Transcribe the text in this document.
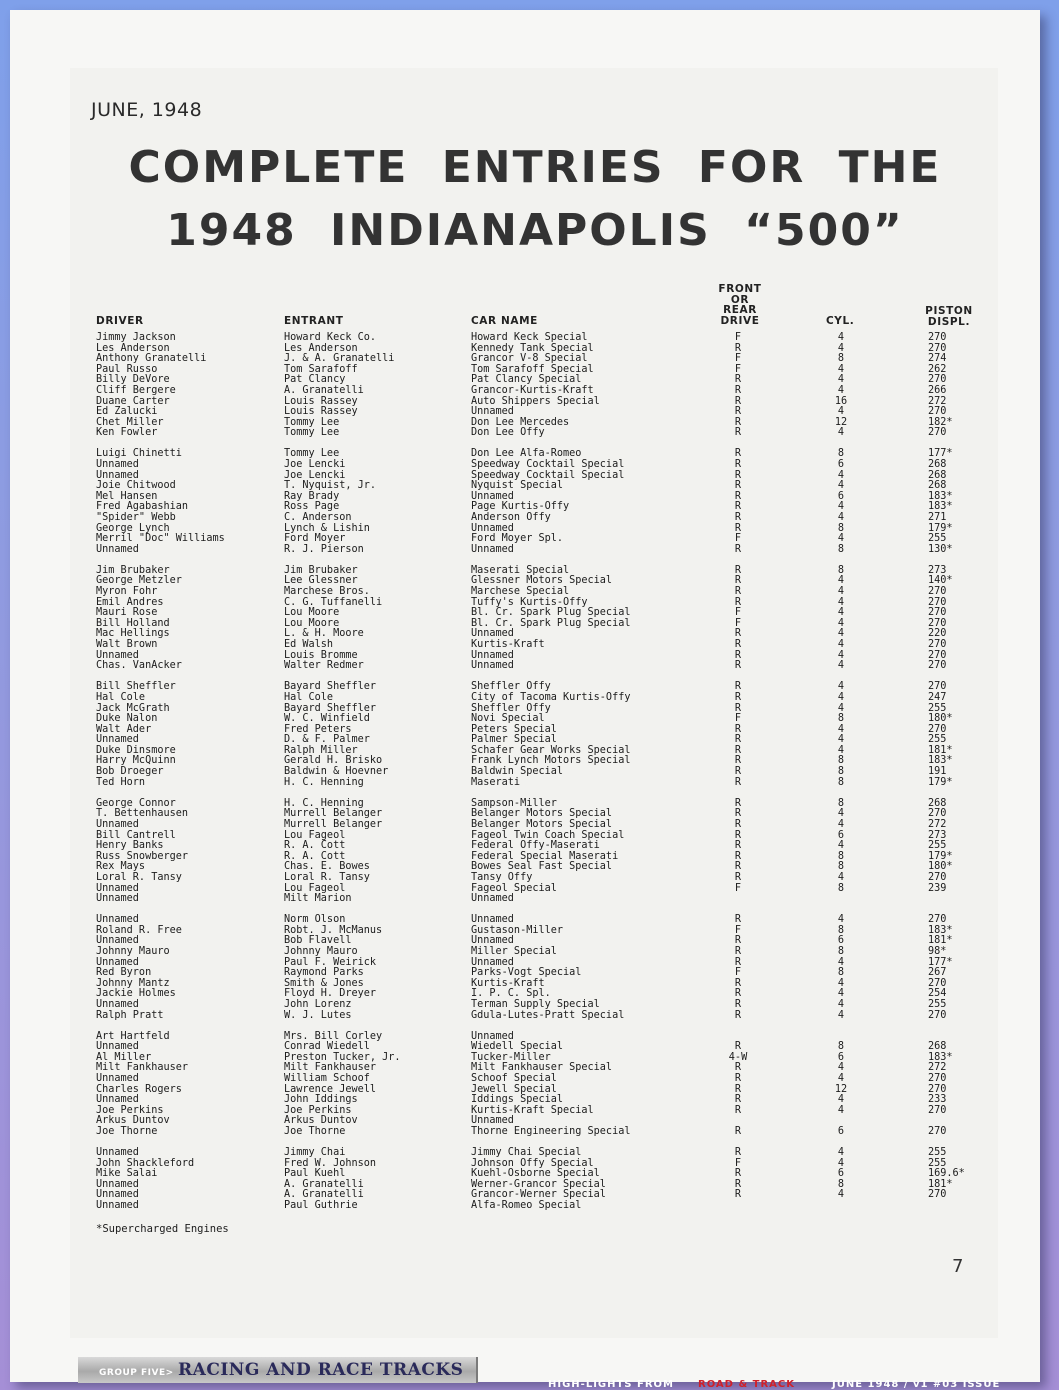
JUNE, 1948
COMPLETE ENTRIES FOR THE
1948 INDIANAPOLIS “500”
DRIVER	ENTRANT	CAR NAME
FRONT
OR
REAR
DRIVE	CYL.
PISTON
DISPL.
Jimmy Jackson	Howard Keck Co.	Howard Keck Special	F	4	270
Les Anderson	Les Anderson	Kennedy Tank Special	R	4	270
Anthony Granatelli	J. & A. Granatelli	Grancor V-8 Special	F	8	274
Paul Russo	Tom Sarafoff	Tom Sarafoff Special	F	4	262
Billy DeVore	Pat Clancy	Pat Clancy Special	R	4	270
Cliff Bergere	A. Granatelli	Grancor-Kurtis-Kraft	R	4	266
Duane Carter	Louis Rassey	Auto Shippers Special	R	16	272
Ed Zalucki	Louis Rassey	Unnamed	R	4	270
Chet Miller	Tommy Lee	Don Lee Mercedes	R	12	182*
Ken Fowler	Tommy Lee	Don Lee Offy	R	4	270
Luigi Chinetti	Tommy Lee	Don Lee Alfa-Romeo	R	8	177*
Unnamed	Joe Lencki	Speedway Cocktail Special	R	6	268
Unnamed	Joe Lencki	Speedway Cocktail Special	R	4	268
Joie Chitwood	T. Nyquist, Jr.	Nyquist Special	R	4	268
Mel Hansen	Ray Brady	Unnamed	R	6	183*
Fred Agabashian	Ross Page	Page Kurtis-Offy	R	4	183*
"Spider" Webb	C. Anderson	Anderson Offy	R	4	271
George Lynch	Lynch & Lishin	Unnamed	R	8	179*
Merril "Doc" Williams	Ford Moyer	Ford Moyer Spl.	F	4	255
Unnamed	R. J. Pierson	Unnamed	R	8	130*
Jim Brubaker	Jim Brubaker	Maserati Special	R	8	273
George Metzler	Lee Glessner	Glessner Motors Special	R	4	140*
Myron Fohr	Marchese Bros.	Marchese Special	R	4	270
Emil Andres	C. G. Tuffanelli	Tuffy's Kurtis-Offy	R	4	270
Mauri Rose	Lou Moore	Bl. Cr. Spark Plug Special	F	4	270
Bill Holland	Lou Moore	Bl. Cr. Spark Plug Special	F	4	270
Mac Hellings	L. & H. Moore	Unnamed	R	4	220
Walt Brown	Ed Walsh	Kurtis-Kraft	R	4	270
Unnamed	Louis Bromme	Unnamed	R	4	270
Chas. VanAcker	Walter Redmer	Unnamed	R	4	270
Bill Sheffler	Bayard Sheffler	Sheffler Offy	R	4	270
Hal Cole	Hal Cole	City of Tacoma Kurtis-Offy	R	4	247
Jack McGrath	Bayard Sheffler	Sheffler Offy	R	4	255
Duke Nalon	W. C. Winfield	Novi Special	F	8	180*
Walt Ader	Fred Peters	Peters Special	R	4	270
Unnamed	D. & F. Palmer	Palmer Special	R	4	255
Duke Dinsmore	Ralph Miller	Schafer Gear Works Special	R	4	181*
Harry McQuinn	Gerald H. Brisko	Frank Lynch Motors Special	R	8	183*
Bob Droeger	Baldwin & Hoevner	Baldwin Special	R	8	191
Ted Horn	H. C. Henning	Maserati	R	8	179*
George Connor	H. C. Henning	Sampson-Miller	R	8	268
T. Bettenhausen	Murrell Belanger	Belanger Motors Special	R	4	270
Unnamed	Murrell Belanger	Belanger Motors Special	R	4	272
Bill Cantrell	Lou Fageol	Fageol Twin Coach Special	R	6	273
Henry Banks	R. A. Cott	Federal Offy-Maserati	R	4	255
Russ Snowberger	R. A. Cott	Federal Special Maserati	R	8	179*
Rex Mays	Chas. E. Bowes	Bowes Seal Fast Special	R	8	180*
Loral R. Tansy	Loral R. Tansy	Tansy Offy	R	4	270
Unnamed	Lou Fageol	Fageol Special	F	8	239
Unnamed	Milt Marion	Unnamed
Unnamed	Norm Olson	Unnamed	R	4	270
Roland R. Free	Robt. J. McManus	Gustason-Miller	F	8	183*
Unnamed	Bob Flavell	Unnamed	R	6	181*
Johnny Mauro	Johnny Mauro	Miller Special	R	8	98*
Unnamed	Paul F. Weirick	Unnamed	R	4	177*
Red Byron	Raymond Parks	Parks-Vogt Special	F	8	267
Johnny Mantz	Smith & Jones	Kurtis-Kraft	R	4	270
Jackie Holmes	Floyd H. Dreyer	I. P. C. Spl.	R	4	254
Unnamed	John Lorenz	Terman Supply Special	R	4	255
Ralph Pratt	W. J. Lutes	Gdula-Lutes-Pratt Special	R	4	270
Art Hartfeld	Mrs. Bill Corley	Unnamed
Unnamed	Conrad Wiedell	Wiedell Special	R	8	268
Al Miller	Preston Tucker, Jr.	Tucker-Miller	4-W	6	183*
Milt Fankhauser	Milt Fankhauser	Milt Fankhauser Special	R	4	272
Unnamed	William Schoof	Schoof Special	R	4	270
Charles Rogers	Lawrence Jewell	Jewell Special	R	12	270
Unnamed	John Iddings	Iddings Special	R	4	233
Joe Perkins	Joe Perkins	Kurtis-Kraft Special	R	4	270
Arkus Duntov	Arkus Duntov	Unnamed
Joe Thorne	Joe Thorne	Thorne Engineering Special	R	6	270
Unnamed	Jimmy Chai	Jimmy Chai Special	R	4	255
John Shackleford	Fred W. Johnson	Johnson Offy Special	F	4	255
Mike Salai	Paul Kuehl	Kuehl-Osborne Special	R	6	169.6*
Unnamed	A. Granatelli	Werner-Grancor Special	R	8	181*
Unnamed	A. Granatelli	Grancor-Werner Special	R	4	270
Unnamed	Paul Guthrie	Alfa-Romeo Special
*Supercharged Engines
7
GROUP FIVE> RACING AND RACE TRACKS
HIGH-LIGHTS FROM ROAD & TRACK	JUNE 1948 / v1 #03 ISSUE
